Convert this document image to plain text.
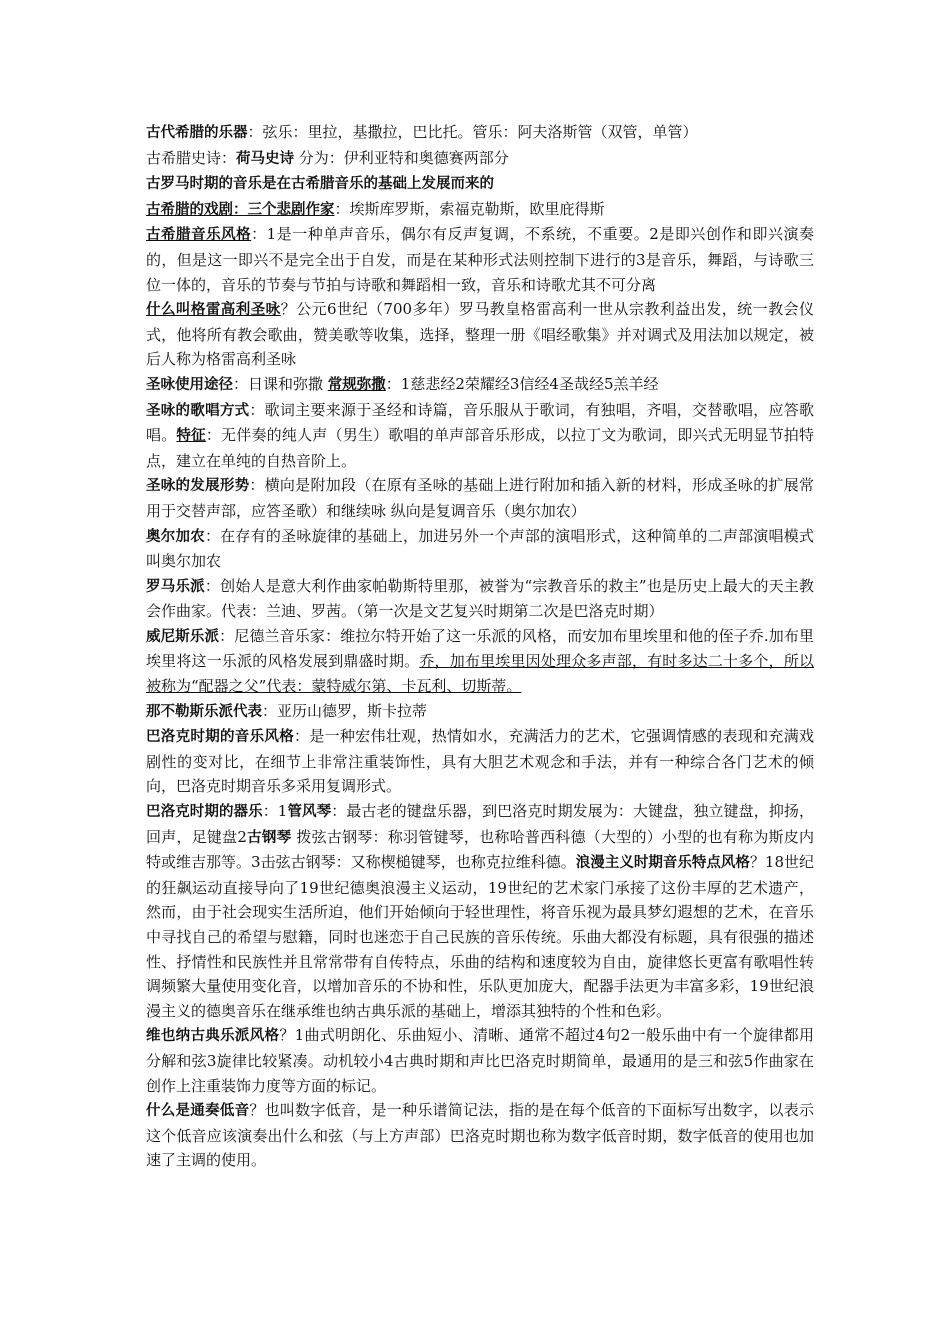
古代希腊的乐器：弦乐：里拉，基撒拉，巴比托。管乐：阿夫洛斯管（双管，单管）

古希腊史诗：荷马史诗 分为：伊利亚特和奥德赛两部分

古罗马时期的音乐是在古希腊音乐的基础上发展而来的

古希腊的戏剧：三个悲剧作家：埃斯库罗斯，索福克勒斯，欧里庇得斯

古希腊音乐风格：1是一种单声音乐，偶尔有反声复调，不系统，不重要。2是即兴创作和即兴演奏的，但是这一即兴不是完全出于自发，而是在某种形式法则控制下进行的3是音乐，舞蹈，与诗歌三位一体的，音乐的节奏与节拍与诗歌和舞蹈相一致，音乐和诗歌尤其不可分离

什么叫格雷高利圣咏？公元6世纪（700多年）罗马教皇格雷高利一世从宗教利益出发，统一教会仪式，他将所有教会歌曲，赞美歌等收集，选择，整理一册《唱经歌集》并对调式及用法加以规定，被后人称为格雷高利圣咏

圣咏使用途径：日课和弥撒 常规弥撒：1慈悲经2荣耀经3信经4圣哉经5羔羊经

圣咏的歌唱方式：歌词主要来源于圣经和诗篇，音乐服从于歌词，有独唱，齐唱，交替歌唱，应答歌唱。特征：无伴奏的纯人声（男生）歌唱的单声部音乐形成，以拉丁文为歌词，即兴式无明显节拍特点，建立在单纯的自热音阶上。

圣咏的发展形势：横向是附加段（在原有圣咏的基础上进行附加和插入新的材料，形成圣咏的扩展常用于交替声部，应答圣歌）和继续咏 纵向是复调音乐（奥尔加农）

奥尔加农：在存有的圣咏旋律的基础上，加进另外一个声部的演唱形式，这种简单的二声部演唱模式叫奥尔加农

罗马乐派：创始人是意大利作曲家帕勒斯特里那，被誉为“宗教音乐的救主”也是历史上最大的天主教会作曲家。代表：兰迪、罗茜。（第一次是文艺复兴时期第二次是巴洛克时期）

威尼斯乐派：尼德兰音乐家：维拉尔特开始了这一乐派的风格，而安加布里埃里和他的侄子乔.加布里埃里将这一乐派的风格发展到鼎盛时期。乔，加布里埃里因处理众多声部，有时多达二十多个，所以被称为“配器之父”代表：蒙特威尔第、卡瓦利、切斯蒂。

那不勒斯乐派代表：亚历山德罗，斯卡拉蒂

巴洛克时期的音乐风格：是一种宏伟壮观，热情如水，充满活力的艺术，它强调情感的表现和充满戏剧性的变对比，在细节上非常注重装饰性，具有大胆艺术观念和手法，并有一种综合各门艺术的倾向，巴洛克时期音乐多采用复调形式。

巴洛克时期的器乐：1管风琴：最古老的键盘乐器，到巴洛克时期发展为：大键盘，独立键盘，抑扬，回声，足键盘2古钢琴 拨弦古钢琴：称羽管键琴，也称哈普西科德（大型的）小型的也有称为斯皮内特或维吉那等。3击弦古钢琴：又称楔槌键琴，也称克拉维科德。浪漫主义时期音乐特点风格？18世纪的狂飙运动直接导向了19世纪德奥浪漫主义运动，19世纪的艺术家门承接了这份丰厚的艺术遗产，然而，由于社会现实生活所迫，他们开始倾向于轻世理性，将音乐视为最具梦幻遐想的艺术，在音乐中寻找自己的希望与慰籍，同时也迷恋于自己民族的音乐传统。乐曲大都没有标题，具有很强的描述性、抒情性和民族性并且常常带有自传特点，乐曲的结构和速度较为自由，旋律悠长更富有歌唱性转调频繁大量使用变化音，以增加音乐的不协和性，乐队更加庞大，配器手法更为丰富多彩，19世纪浪漫主义的德奥音乐在继承维也纳古典乐派的基础上，增添其独特的个性和色彩。

维也纳古典乐派风格？1曲式明朗化、乐曲短小、清晰、通常不超过4句2一般乐曲中有一个旋律都用分解和弦3旋律比较紧凑。动机较小4古典时期和声比巴洛克时期简单，最通用的是三和弦5作曲家在创作上注重装饰力度等方面的标记。

什么是通奏低音？也叫数字低音，是一种乐谱简记法，指的是在每个低音的下面标写出数字，以表示这个低音应该演奏出什么和弦（与上方声部）巴洛克时期也称为数字低音时期，数字低音的使用也加速了主调的使用。
